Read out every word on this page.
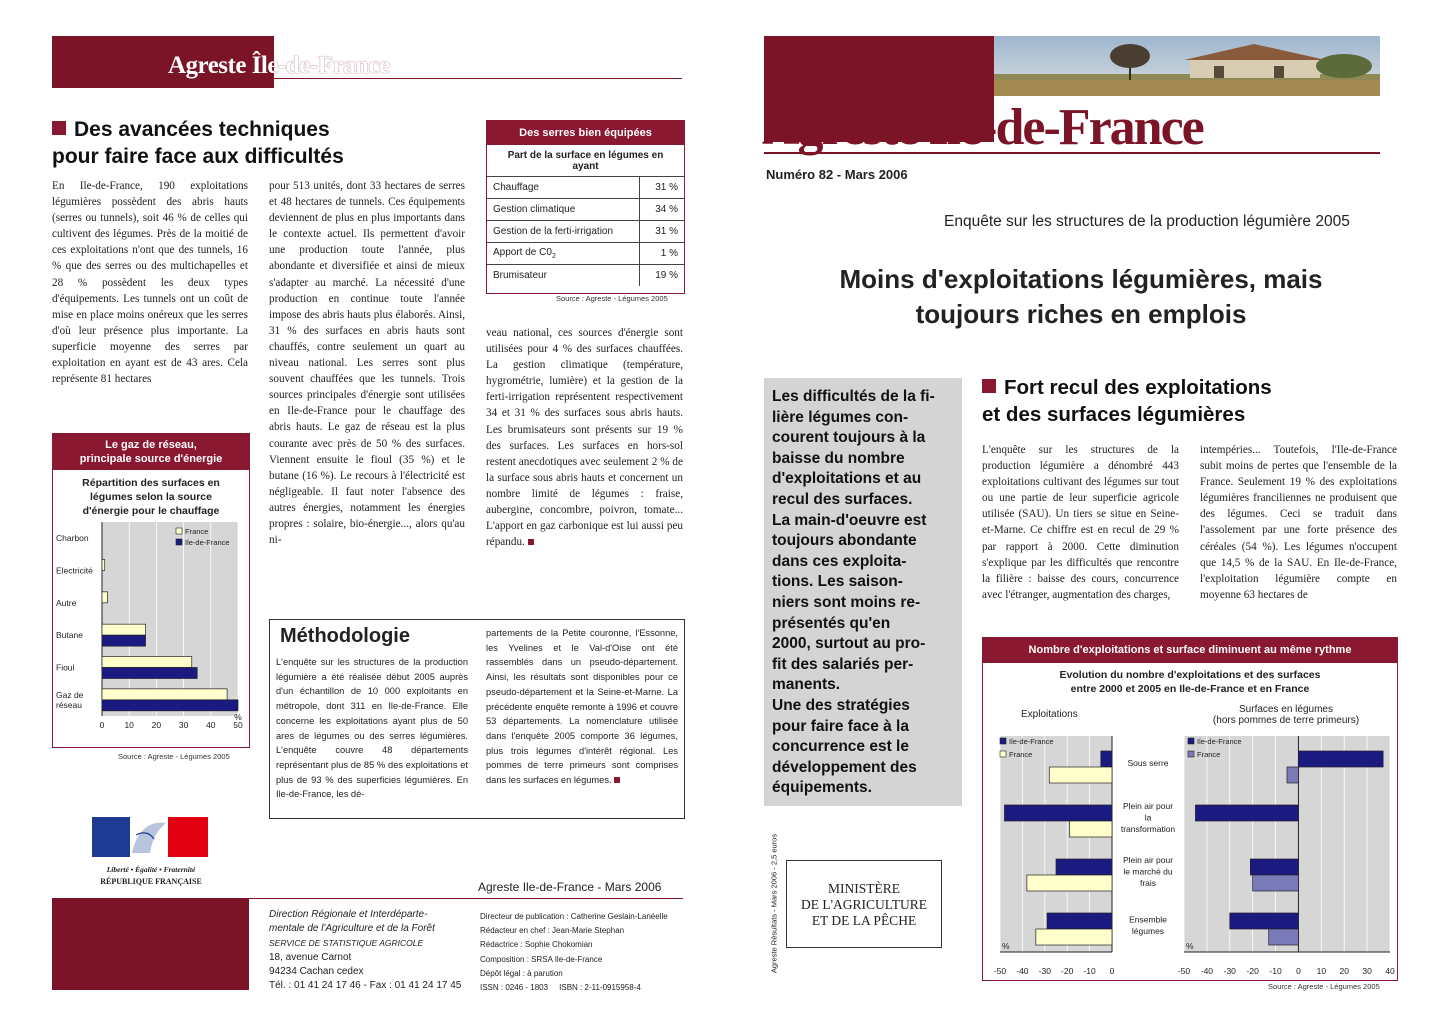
Agreste Île-de-France
Des avancées techniques
pour faire face aux difficultés

En Ile-de-France, 190 exploitations légumières possèdent des abris hauts (serres ou tunnels), soit 46 % de celles qui cultivent des légumes. Près de la moitié de ces exploitations n'ont que des tunnels, 16 % que des serres ou des multichapelles et 28 % possèdent les deux types d'équipements. Les tunnels ont un coût de mise en place moins onéreux que les serres d'où leur présence plus importante. La superficie moyenne des serres par exploitation en ayant est de 43 ares. Cela représente 81 hectares

pour 513 unités, dont 33 hectares de serres et 48 hectares de tunnels. Ces équipements deviennent de plus en plus importants dans le contexte actuel. Ils permettent d'avoir une production toute l'année, plus abondante et diversifiée et ainsi de mieux s'adapter au marché. La nécessité d'une production en continue toute l'année impose des abris hauts plus élaborés. Ainsi, 31 % des surfaces en abris hauts sont chauffés, contre seulement un quart au niveau national. Les serres sont plus souvent chauffées que les tunnels. Trois sources principales d'énergie sont utilisées en Ile-de-France pour le chauffage des abris hauts. Le gaz de réseau est la plus courante avec près de 50 % des surfaces. Viennent ensuite le fioul (35 %) et le butane (16 %). Le recours à l'électricité est négligeable. Il faut noter l'absence des autres énergies, notamment les énergies propres : solaire, bio-énergie..., alors qu'au ni-

veau national, ces sources d'énergie sont utilisées pour 4 % des surfaces chauffées. La gestion climatique (température, hygrométrie, lumière) et la gestion de la ferti-irrigation représentent respectivement 34 et 31 % des surfaces sous abris hauts. Les brumisateurs sont présents sur 19 % des surfaces. Les surfaces en hors-sol restent anecdotiques avec seulement 2 % de la surface sous abris hauts et concernent un nombre limité de légumes : fraise, aubergine, concombre, poivron, tomate... L'apport en gaz carbonique est lui aussi peu répandu.

Des serres bien équipées
Part de la surface en légumes en ayant
Chauffage	31 %
Gestion climatique	34 %
Gestion de la ferti-irrigation	31 %
Apport de $C0_2$	1 %
Brumisateur	19 %
Source : Agreste - Légumes 2005
Le gaz de réseau,
principale source d'énergie
Répartition des surfaces en
légumes selon la source
d'énergie pour le chauffage
0 10 20 30 40 50
%
Charbon
Electricité
Autre
Butane
Fioul
Gaz de
réseau
France
Ile-de-France
Source : Agreste - Légumes 2005
Méthodologie

L'enquête sur les structures de la production légumière a été réalisée début 2005 auprès d'un échantillon de 10 000 exploitants en métropole, dont 311 en Ile-de-France. Elle concerne les exploitations ayant plus de 50 ares de légumes ou des serres légumières. L'enquête couvre 48 départements représentant plus de 85 % des exploitations et plus de 93 % des superficies légumières. En Ile-de-France, les dé-

partements de la Petite couronne, l'Essonne, les Yvelines et le Val-d'Oise ont été rassemblés dans un pseudo-département. Ainsi, les résultats sont disponibles pour ce pseudo-département et la Seine-et-Marne. La précédente enquête remonte à 1996 et couvre 53 départements. La nomenclature utilisée dans l'enquête 2005 comporte 36 légumes, plus trois légumes d'intérêt régional. Les pommes de terre primeurs sont comprises dans les surfaces en légumes.

Liberté • Égalité • Fraternité
RÉPUBLIQUE FRANÇAISE	Agreste Ile-de-France - Mars 2006
Direction Régionale et Interdéparte-
mentale de l'Agriculture et de la Forêt
SERVICE DE STATISTIQUE AGRICOLE
18, avenue Carnot
94234 Cachan cedex
Tél. : 01 41 24 17 46 - Fax : 01 41 24 17 45
Directeur de publication : Catherine Geslain-Lanéelle
Rédacteur en chef : Jean-Marie Stephan
Rédactrice : Sophie Chokomian
Composition : SRSA Ile-de-France
Dépôt légal : à parution
ISSN : 0246 - 1803     ISBN : 2-11-0915958-4
Agreste Île-de-France
Numéro 82 - Mars 2006
Enquête sur les structures de la production légumière 2005
Moins d'exploitations légumières, mais
toujours riches en emplois
Les difficultés de la fi-
lière légumes con-
courent toujours à la
baisse du nombre
d'exploitations et au
recul des surfaces.
La main-d'oeuvre est
toujours abondante
dans ces exploita-
tions. Les saison-
niers sont moins re-
présentés qu'en
2000, surtout au pro-
fit des salariés per-
manents.
Une des stratégies
pour faire face à la
concurrence est le
développement des
équipements.
Fort recul des exploitations
et des surfaces légumières

L'enquête sur les structures de la production légumière a dénombré 443 exploitations cultivant des légumes sur tout ou une partie de leur superficie agricole utilisée (SAU). Un tiers se situe en Seine-et-Marne. Ce chiffre est en recul de 29 % par rapport à 2000. Cette diminution s'explique par les difficultés que rencontre la filière : baisse des cours, concurrence avec l'étranger, augmentation des charges,

intempéries... Toutefois, l'Ile-de-France subit moins de pertes que l'ensemble de la France. Seulement 19 % des exploitations légumières franciliennes ne produisent que des légumes. Ceci se traduit dans l'assolement par une forte présence des céréales (54 %). Les légumes n'occupent que 14,5 % de la SAU. En Ile-de-France, l'exploitation légumière compte en moyenne 63 hectares de

MINISTÈRE
DE L'AGRICULTURE
ET DE LA PÊCHE
Agreste Résultats - Mars 2006 - 2,5 euros
Nombre d'exploitations et surface diminuent au même rythme
Evolution du nombre d'exploitations et des surfaces
entre 2000 et 2005 en Ile-de-France et en France
Exploitations	Surfaces en légumes
(hors pommes de terre primeurs)
-50 -40 -30 -20 -10 0
%
Ile-de-France
France
-50 -40 -30 -20 -10 0 10 20 30 40
%
Ile-de-France
France
Sous serre
Plein air pour
la
transformation
Plein air pour
le marché du
frais
Ensemble
légumes
Source : Agreste - Légumes 2005
